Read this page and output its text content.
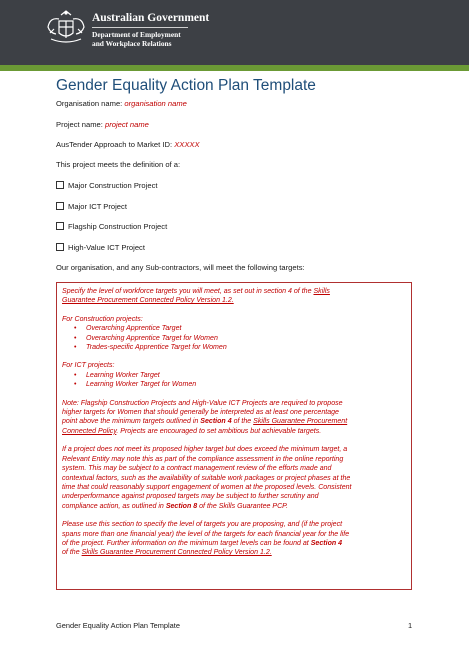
Australian Government
Department of Employment
and Workplace Relations
Gender Equality Action Plan Template
Organisation name: organisation name
Project name: project name
AusTender Approach to Market ID: XXXXX
This project meets the definition of a:
Major Construction Project
Major ICT Project
Flagship Construction Project
High-Value ICT Project
Our organisation, and any Sub-contractors, will meet the following targets:

Specify the level of workforce targets you will meet, as set out in section 4 of the Skills

Guarantee Procurement Connected Policy Version 1.2.

For Construction projects:

• Overarching Apprentice Target

• Overarching Apprentice Target for Women

• Trades-specific Apprentice Target for Women

For ICT projects:

• Learning Worker Target

• Learning Worker Target for Women

Note: Flagship Construction Projects and High-Value ICT Projects are required to propose

higher targets for Women that should generally be interpreted as at least one percentage

point above the minimum targets outlined in Section 4 of the Skills Guarantee Procurement

Connected Policy. Projects are encouraged to set ambitious but achievable targets.

If a project does not meet its proposed higher target but does exceed the minimum target, a

Relevant Entity may note this as part of the compliance assessment in the online reporting

system. This may be subject to a contract management review of the efforts made and

contextual factors, such as the availability of suitable work packages or project phases at the

time that could reasonably support engagement of women at the proposed levels. Consistent

underperformance against proposed targets may be subject to further scrutiny and

compliance action, as outlined in Section 8 of the Skills Guarantee PCP.

Please use this section to specify the level of targets you are proposing, and (if the project

spans more than one financial year) the level of the targets for each financial year for the life

of the project. Further information on the minimum target levels can be found at Section 4

of the Skills Guarantee Procurement Connected Policy Version 1.2.

Gender Equality Action Plan Template	1
